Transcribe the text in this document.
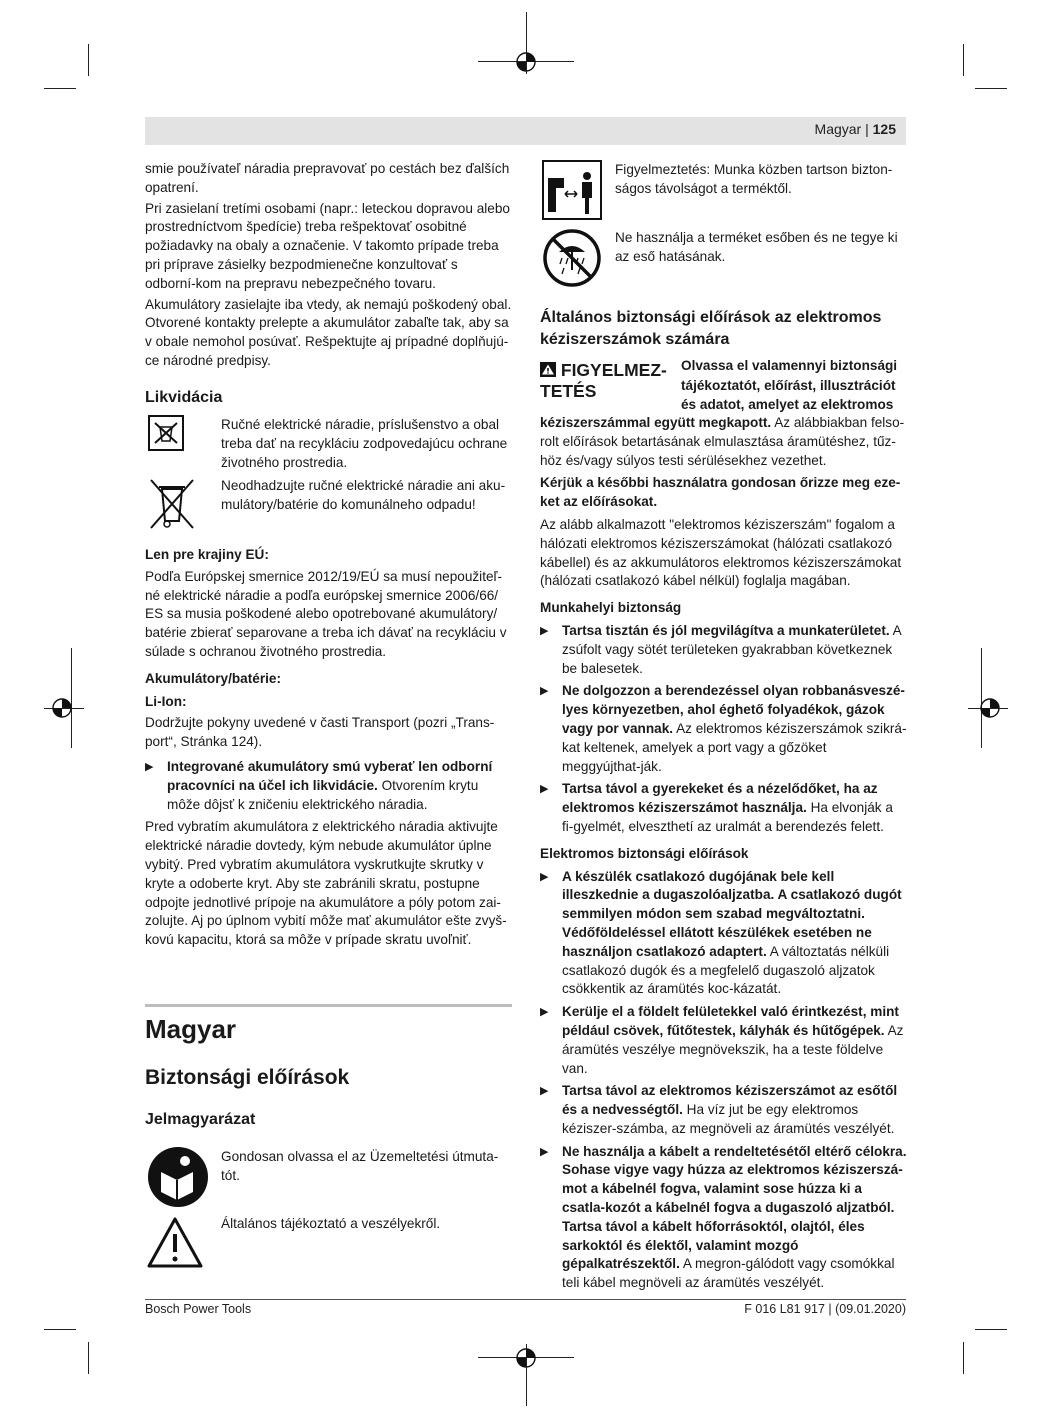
Magyar | 125

smie používateľ náradia prepravovať po cestách bez ďalších opatrení.

Pri zasielaní tretími osobami (napr.: leteckou dopravou alebo prostredníctvom špedície) treba rešpektovať osobitné požiadavky na obaly a označenie. V takomto prípade treba pri príprave zásielky bezpodmienečne konzultovať s odborní-kom na prepravu nebezpečného tovaru.

Akumulátory zasielajte iba vtedy, ak nemajú poškodený obal. Otvorené kontakty prelepte a akumulátor zabaľte tak, aby sa v obale nemohol posúvať. Rešpektujte aj prípadné doplňujú-ce národné predpisy.

Likvidácia
Ručné elektrické náradie, príslušenstvo a obal treba dať na recykláciu zodpovedajúcu ochrane životného prostredia.
Neodhadzujte ručné elektrické náradie ani aku-mulátory/batérie do komunálneho odpadu!
Len pre krajiny EÚ:

Podľa Európskej smernice 2012/19/EÚ sa musí nepoužiteľ-né elektrické náradie a podľa európskej smernice 2006/66/ ES sa musia poškodené alebo opotrebované akumulátory/ batérie zbierať separovane a treba ich dávať na recykláciu v súlade s ochranou životného prostredia.

Akumulátory/batérie:
Li-Ion:

Dodržujte pokyny uvedené v časti Transport (pozri „Trans-port“, Stránka 124).

▶ Integrované akumulátory smú vyberať len odborní pracovníci na účel ich likvidácie. Otvorením krytu môže dôjsť k zničeniu elektrického náradia.

Pred vybratím akumulátora z elektrického náradia aktivujte elektrické náradie dovtedy, kým nebude akumulátor úplne vybitý. Pred vybratím akumulátora vyskrutkujte skrutky v kryte a odoberte kryt. Aby ste zabránili skratu, postupne odpojte jednotlivé prípoje na akumulátore a póly potom zai-zolujte. Aj po úplnom vybití môže mať akumulátor ešte zvyš-kovú kapacitu, ktorá sa môže v prípade skratu uvoľniť.

Magyar
Biztonsági előírások
Jelmagyarázat
Gondosan olvassa el az Üzemeltetési útmuta-tót.
Általános tájékoztató a veszélyekről.
Figyelmeztetés: Munka közben tartson bizton-ságos távolságot a terméktől.
Ne használja a terméket esőben és ne tegye ki az eső hatásának.
Általános biztonsági előírások az elektromos kéziszerszámok számára
FIGYELMEZ-
TETÉS
Olvassa el valamennyi biztonsági
tájékoztatót, előírást, illusztrációt
és adatot, amelyet az elektromos

kéziszerszámmal együtt megkapott. Az alábbiakban felso-rolt előírások betartásának elmulasztása áramütéshez, tűz-höz és/vagy súlyos testi sérülésekhez vezethet.

Kérjük a későbbi használatra gondosan őrizze meg eze-ket az előírásokat.

Az alább alkalmazott "elektromos kéziszerszám" fogalom a hálózati elektromos kéziszerszámokat (hálózati csatlakozó kábellel) és az akkumulátoros elektromos kéziszerszámokat (hálózati csatlakozó kábel nélkül) foglalja magában.

Munkahelyi biztonság
▶ Tartsa tisztán és jól megvilágítva a munkaterületet. A zsúfolt vagy sötét területeken gyakrabban következnek be balesetek.
▶ Ne dolgozzon a berendezéssel olyan robbanásveszé-lyes környezetben, ahol éghető folyadékok, gázok vagy por vannak. Az elektromos kéziszerszámok szikrá-kat keltenek, amelyek a port vagy a gőzöket meggyújthat-ják.
▶ Tartsa távol a gyerekeket és a nézelődőket, ha az elektromos kéziszerszámot használja. Ha elvonják a fi-gyelmét, elveszthetí az uralmát a berendezés felett.
Elektromos biztonsági előírások
▶ A készülék csatlakozó dugójának bele kell illeszkednie a dugaszolóaljzatba. A csatlakozó dugót semmilyen módon sem szabad megváltoztatni. Védőföldeléssel ellátott készülékek esetében ne használjon csatlakozó adaptert. A változtatás nélküli csatlakozó dugók és a megfelelő dugaszoló aljzatok csökkentik az áramütés koc-kázatát.
▶ Kerülje el a földelt felületekkel való érintkezést, mint például csövek, fűtőtestek, kályhák és hűtőgépek. Az áramütés veszélye megnövekszik, ha a teste földelve van.
▶ Tartsa távol az elektromos kéziszerszámot az esőtől és a nedvességtől. Ha víz jut be egy elektromos kéziszer-számba, az megnöveli az áramütés veszélyét.
▶ Ne használja a kábelt a rendeltetésétől eltérő célokra. Sohase vigye vagy húzza az elektromos kéziszerszá-mot a kábelnél fogva, valamint sose húzza ki a csatla-kozót a kábelnél fogva a dugaszoló aljzatból. Tartsa távol a kábelt hőforrásoktól, olajtól, éles sarkoktól és élektől, valamint mozgó gépalkatrészektől. A megron-gálódott vagy csomókkal teli kábel megnöveli az áramütés veszélyét.
Bosch Power Tools	F 016 L81 917 | (09.01.2020)
